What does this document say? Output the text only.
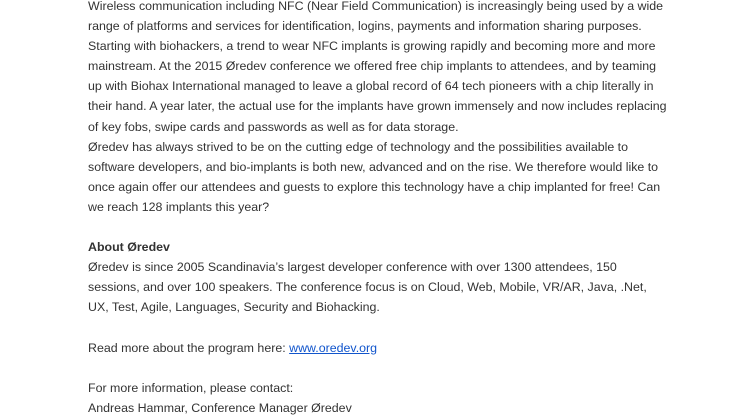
Wireless communication including NFC (Near Field Communication) is increasingly being used by a wide
range of platforms and services for identification, logins, payments and information sharing purposes.
Starting with biohackers, a trend to wear NFC implants is growing rapidly and becoming more and more
mainstream. At the 2015 Øredev conference we offered free chip implants to attendees, and by teaming
up with Biohax International managed to leave a global record of 64 tech pioneers with a chip literally in
their hand. A year later, the actual use for the implants have grown immensely and now includes replacing
of key fobs, swipe cards and passwords as well as for data storage.

Øredev has always strived to be on the cutting edge of technology and the possibilities available to
software developers, and bio-implants is both new, advanced and on the rise. We therefore would like to
once again offer our attendees and guests to explore this technology have a chip implanted for free! Can
we reach 128 implants this year?

About Øredev

Øredev is since 2005 Scandinavia’s largest developer conference with over 1300 attendees, 150
sessions, and over 100 speakers. The conference focus is on Cloud, Web, Mobile, VR/AR, Java, .Net,
UX, Test, Agile, Languages, Security and Biohacking.

Read more about the program here: www.oredev.org

For more information, please contact:

Andreas Hammar, Conference Manager Øredev
